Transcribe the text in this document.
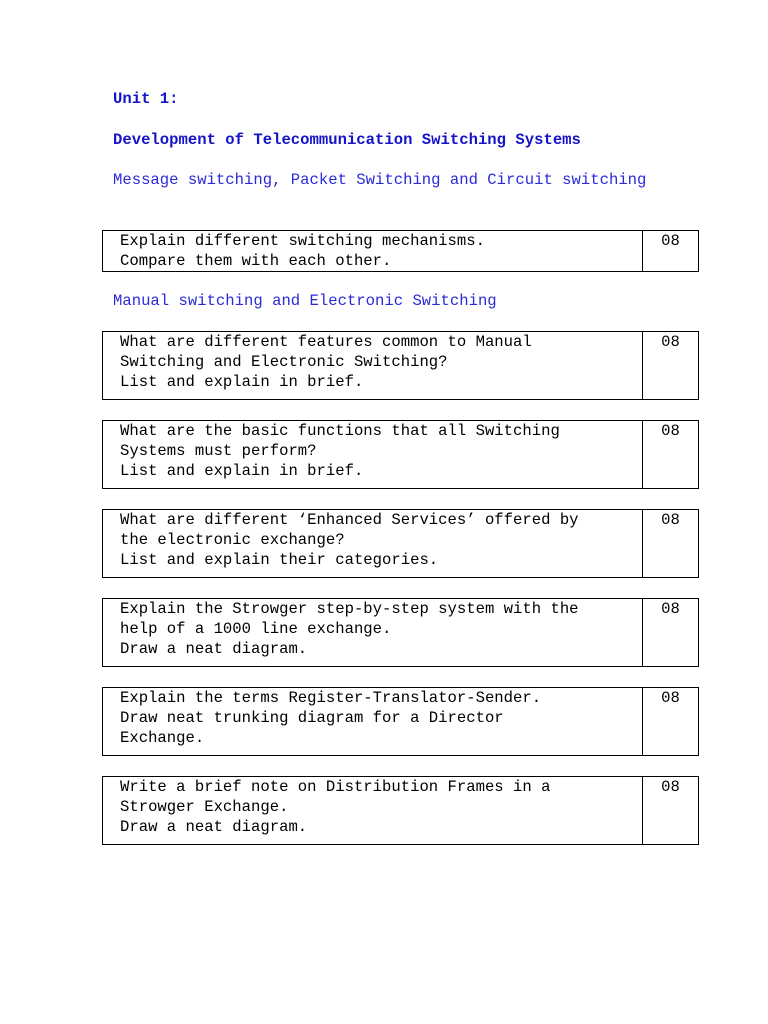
Unit 1:
Development of Telecommunication Switching Systems
Message switching, Packet Switching and Circuit switching
Explain different switching mechanisms.
Compare them with each other.
08
Manual switching and Electronic Switching
What are different features common to Manual
Switching and Electronic Switching?
List and explain in brief.
08
What are the basic functions that all Switching
Systems must perform?
List and explain in brief.
08
What are different ‘Enhanced Services’ offered by
the electronic exchange?
List and explain their categories.
08
Explain the Strowger step-by-step system with the
help of a 1000 line exchange.
Draw a neat diagram.
08
Explain the terms Register-Translator-Sender.
Draw neat trunking diagram for a Director
Exchange.
08
Write a brief note on Distribution Frames in a
Strowger Exchange.
Draw a neat diagram.
08
